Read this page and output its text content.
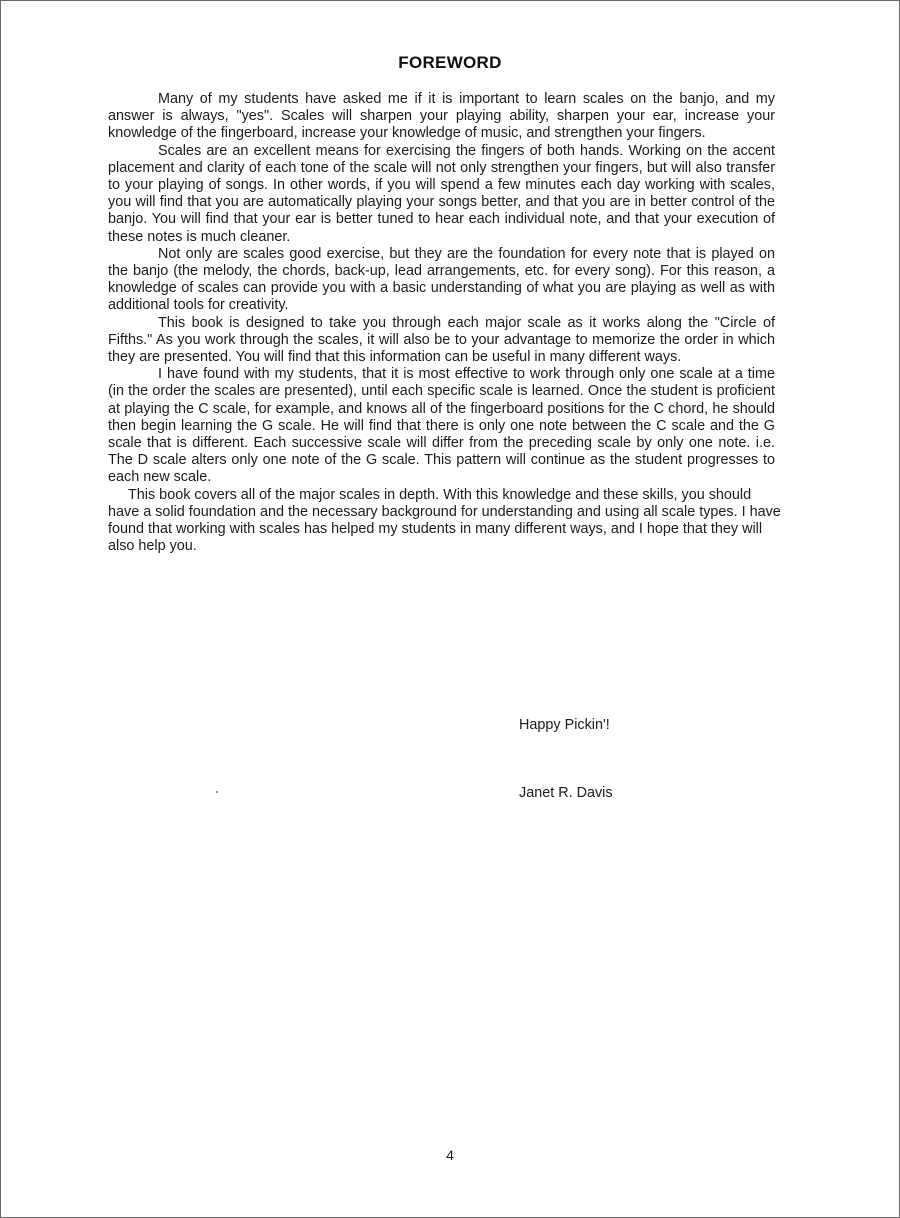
FOREWORD

Many of my students have asked me if it is important to learn scales on the banjo, and my answer is always, "yes". Scales will sharpen your playing ability, sharpen your ear, increase your knowledge of the fingerboard, increase your knowledge of music, and strengthen your fingers.

Scales are an excellent means for exercising the fingers of both hands. Working on the accent placement and clarity of each tone of the scale will not only strengthen your fingers, but will also transfer to your playing of songs. In other words, if you will spend a few minutes each day working with scales, you will find that you are automatically playing your songs better, and that you are in better control of the banjo. You will find that your ear is better tuned to hear each individual note, and that your execution of these notes is much cleaner.

Not only are scales good exercise, but they are the foundation for every note that is played on the banjo (the melody, the chords, back-up, lead arrangements, etc. for every song). For this reason, a knowledge of scales can provide you with a basic understanding of what you are playing as well as with additional tools for creativity.

This book is designed to take you through each major scale as it works along the "Circle of Fifths." As you work through the scales, it will also be to your advantage to memorize the order in which they are presented. You will find that this information can be useful in many different ways.

I have found with my students, that it is most effective to work through only one scale at a time (in the order the scales are presented), until each specific scale is learned. Once the student is proficient at playing the C scale, for example, and knows all of the fingerboard positions for the C chord, he should then begin learning the G scale. He will find that there is only one note between the C scale and the G scale that is different. Each successive scale will differ from the preceding scale by only one note. i.e. The D scale alters only one note of the G scale. This pattern will continue as the student progresses to each new scale.

This book covers all of the major scales in depth. With this knowledge and these skills, you should have a solid foundation and the necessary background for understanding and using all scale types. I have found that working with scales has helped my students in many different ways, and I hope that they will also help you.

Happy Pickin'!
Janet R. Davis
4
